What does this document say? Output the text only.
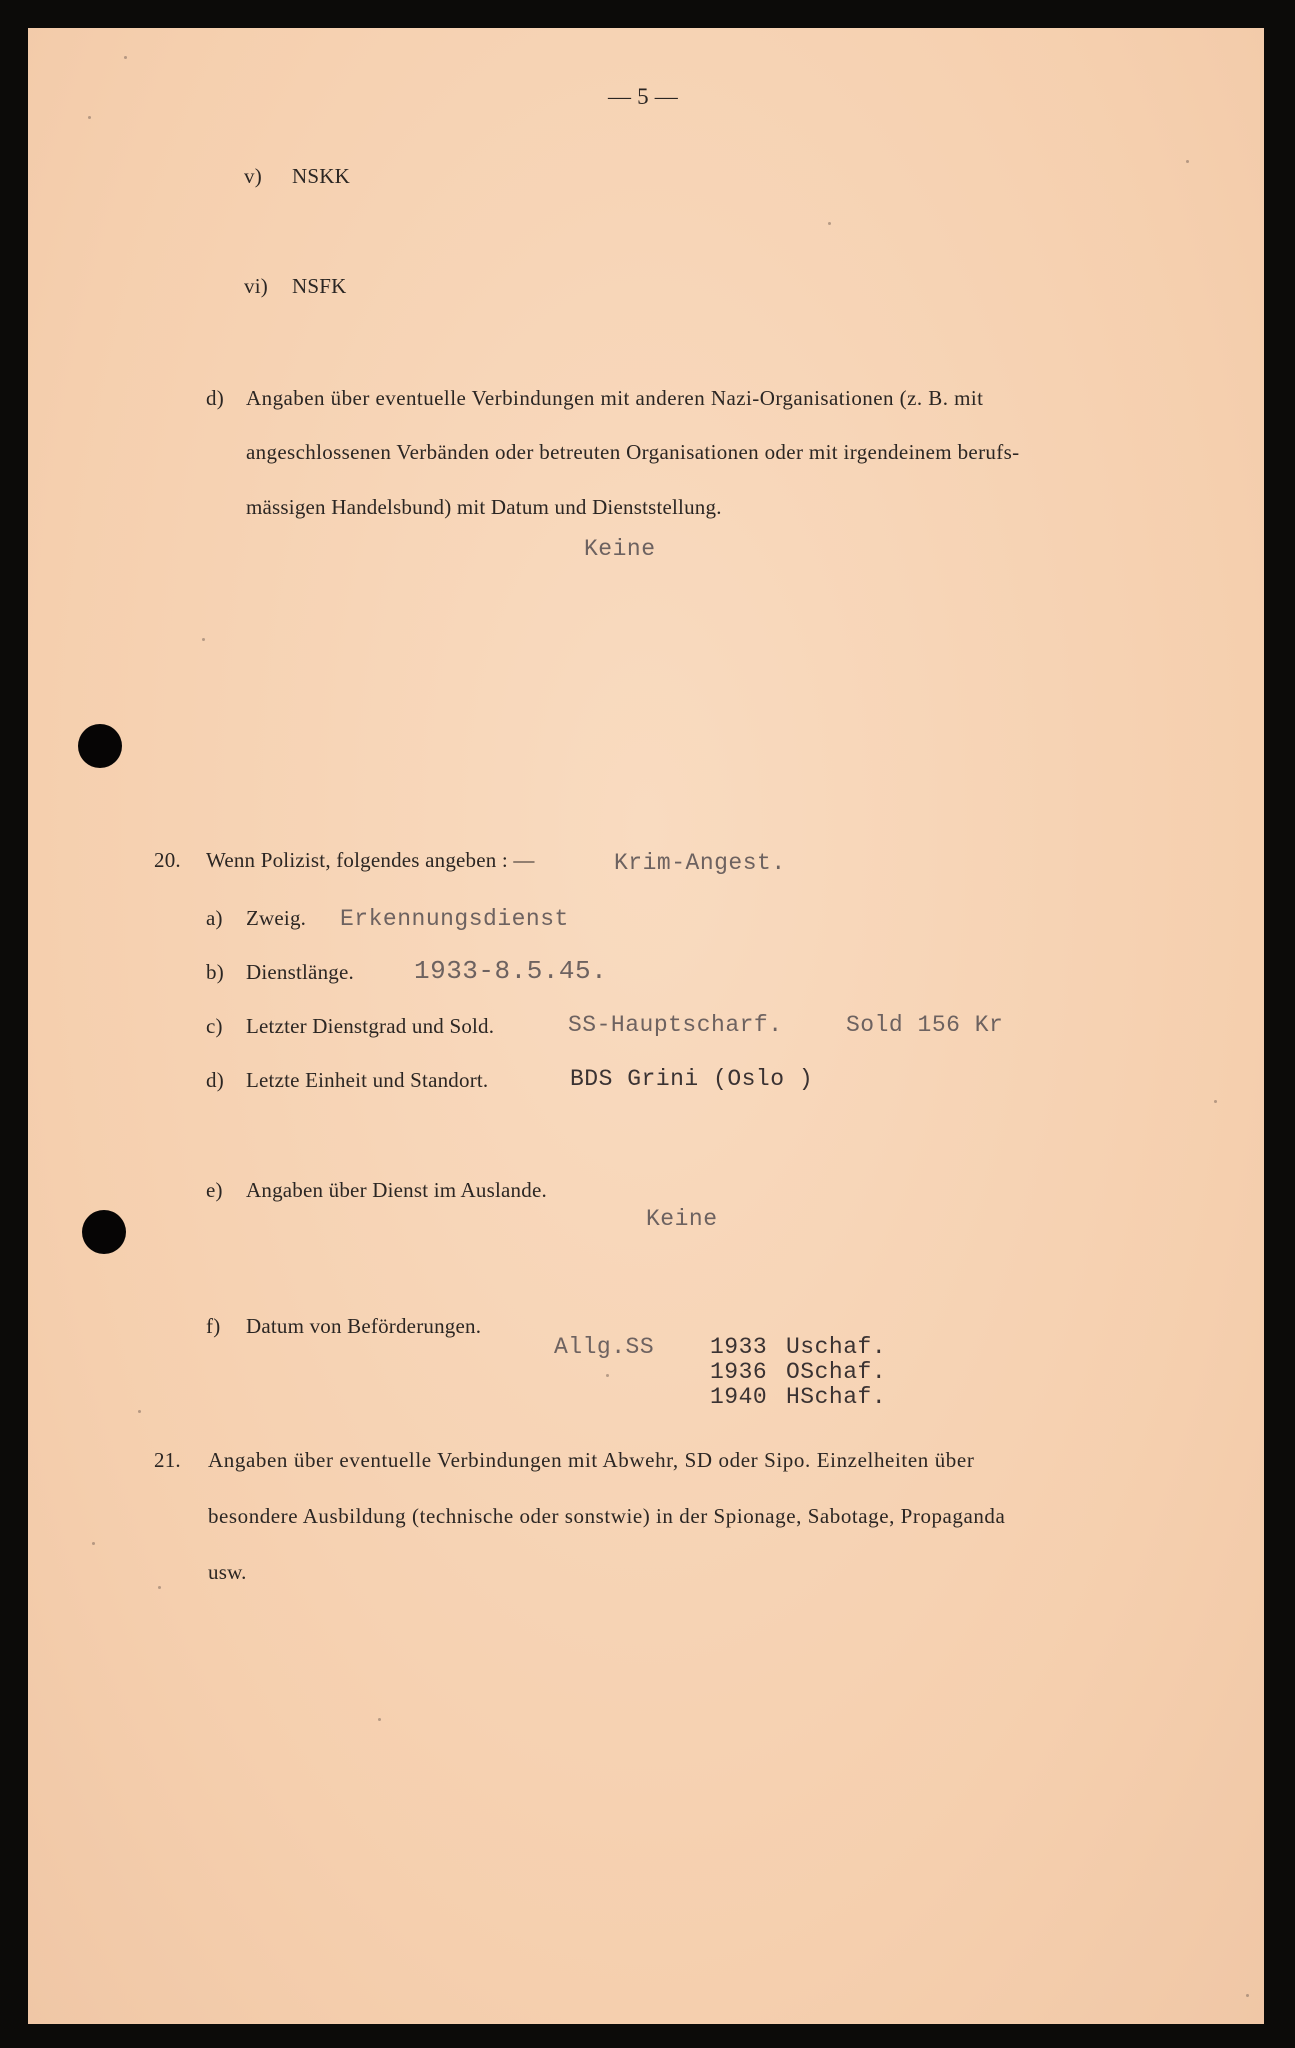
— 5 —
v) NSKK
vi) NSFK
d) Angaben über eventuelle Verbindungen mit anderen Nazi-Organisationen (z. B. mit
angeschlossenen Verbänden oder betreuten Organisationen oder mit irgendeinem berufs-
mässigen Handelsbund) mit Datum und Dienststellung.
Keine
20. Wenn Polizist, folgendes angeben : —	Krim-Angest.
a) Zweig. Erkennungsdienst
b) Dienstlänge. 1933-8.5.45.
c) Letzter Dienstgrad und Sold.	SS-Hauptscharf.	Sold 156 Kr
d) Letzte Einheit und Standort.	BDS Grini (Oslo )
e) Angaben über Dienst im Auslande.
Keine
f) Datum von Beförderungen.
Allg.SS 1933 Uschaf.
1936 OSchaf.
1940 HSchaf.
21. Angaben über eventuelle Verbindungen mit Abwehr, SD oder Sipo. Einzelheiten über
besondere Ausbildung (technische oder sonstwie) in der Spionage, Sabotage, Propaganda
usw.
